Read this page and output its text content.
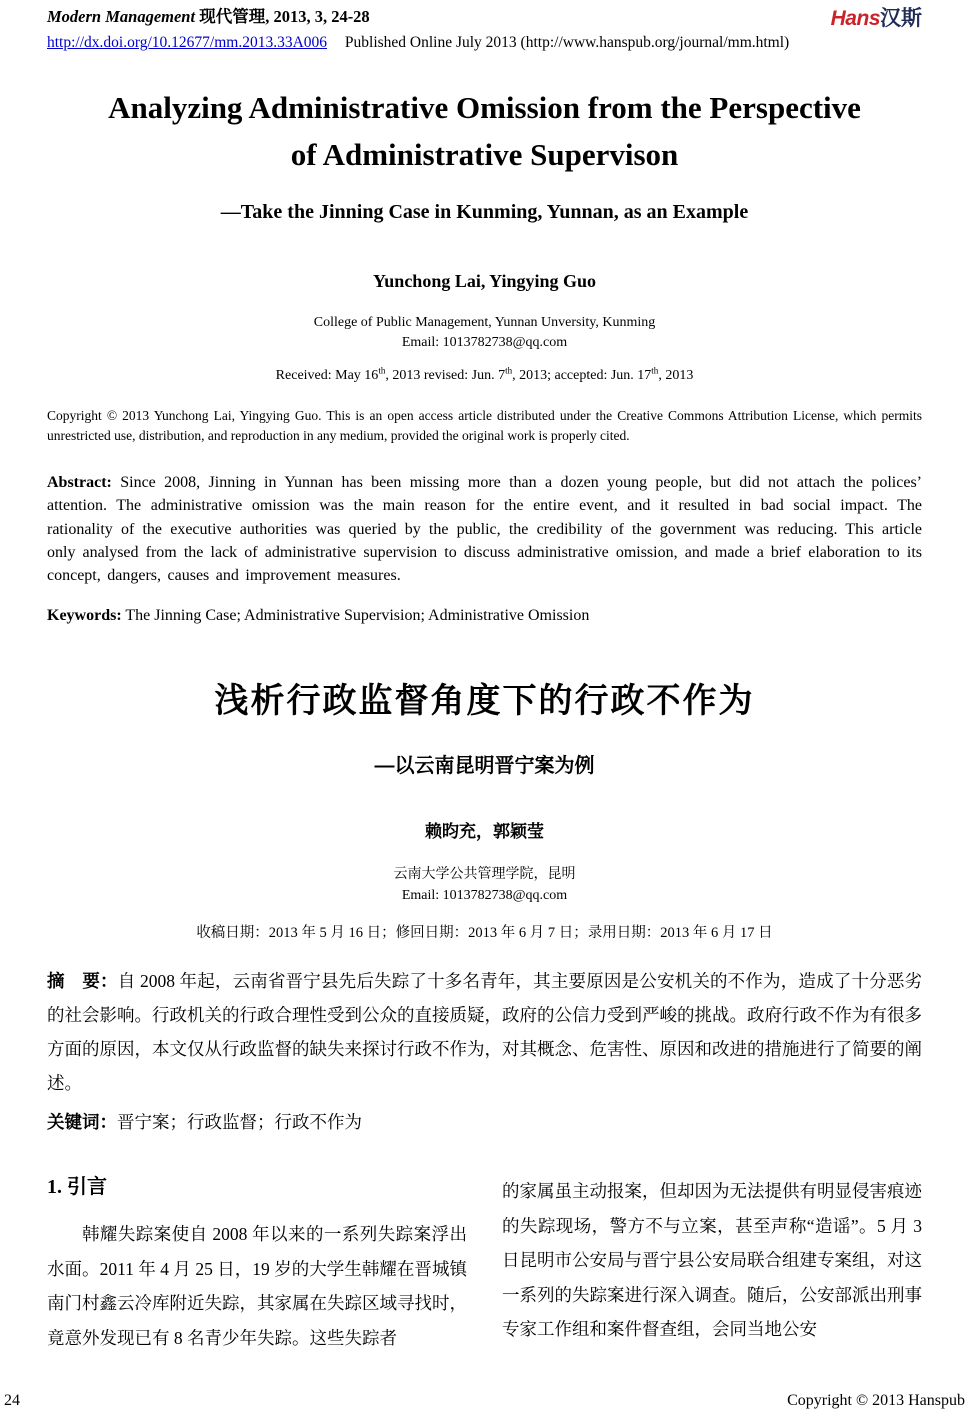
Modern Management 现代管理, 2013, 3, 24-28	Hans汉斯
http://dx.doi.org/10.12677/mm.2013.33A006 Published Online July 2013 (http://www.hanspub.org/journal/mm.html)
Analyzing Administrative Omission from the Perspective
of Administrative Supervison
—Take the Jinning Case in Kunming, Yunnan, as an Example
Yunchong Lai, Yingying Guo
College of Public Management, Yunnan Unversity, Kunming
Email: 1013782738@qq.com
Received: May 16th, 2013 revised: Jun. 7th, 2013; accepted: Jun. 17th, 2013
Copyright © 2013 Yunchong Lai, Yingying Guo. This is an open access article distributed under the Creative Commons Attribution License, which permits unrestricted use, distribution, and reproduction in any medium, provided the original work is properly cited.
Abstract: Since 2008, Jinning in Yunnan has been missing more than a dozen young people, but did not attach the polices’ attention. The administrative omission was the main reason for the entire event, and it resulted in bad social impact. The rationality of the executive authorities was queried by the public, the credibility of the government was reducing. This article only analysed from the lack of administrative supervision to discuss administrative omission, and made a brief elaboration to its concept, dangers, causes and improvement measures.
Keywords: The Jinning Case; Administrative Supervision; Administrative Omission
浅析行政监督角度下的行政不作为
—以云南昆明晋宁案为例
赖昀充，郭颖莹
云南大学公共管理学院，昆明
Email: 1013782738@qq.com
收稿日期：2013 年 5 月 16 日；修回日期：2013 年 6 月 7 日；录用日期：2013 年 6 月 17 日
摘　要：自 2008 年起，云南省晋宁县先后失踪了十多名青年，其主要原因是公安机关的不作为，造成了十分恶劣的社会影响。行政机关的行政合理性受到公众的直接质疑，政府的公信力受到严峻的挑战。政府行政不作为有很多方面的原因，本文仅从行政监督的缺失来探讨行政不作为，对其概念、危害性、原因和改进的措施进行了简要的阐述。
关键词：晋宁案；行政监督；行政不作为
1. 引言
韩耀失踪案使自 2008 年以来的一系列失踪案浮出水面。2011 年 4 月 25 日，19 岁的大学生韩耀在晋城镇南门村鑫云冷库附近失踪，其家属在失踪区域寻找时，竟意外发现已有 8 名青少年失踪。这些失踪者
的家属虽主动报案，但却因为无法提供有明显侵害痕迹的失踪现场，警方不与立案，甚至声称“造谣”。5 月 3 日昆明市公安局与晋宁县公安局联合组建专案组，对这一系列的失踪案进行深入调查。随后，公安部派出刑事专家工作组和案件督查组，会同当地公安
24	Copyright © 2013 Hanspub
